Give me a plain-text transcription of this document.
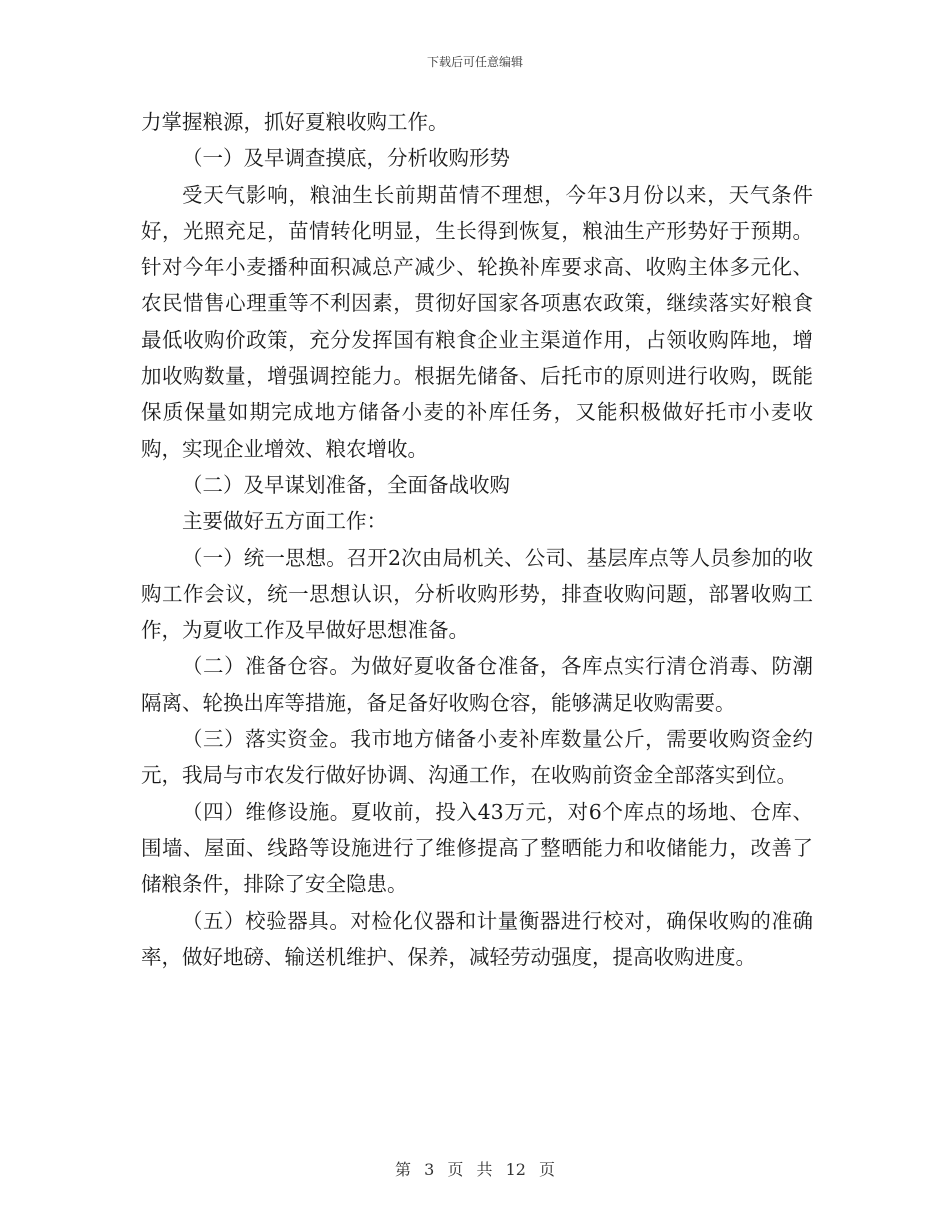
下载后可任意编辑

力掌握粮源，抓好夏粮收购工作。

（一）及早调查摸底，分析收购形势

受天气影响，粮油生长前期苗情不理想，今年3月份以来，天气条件好，光照充足，苗情转化明显，生长得到恢复，粮油生产形势好于预期。针对今年小麦播种面积减总产减少、轮换补库要求高、收购主体多元化、农民惜售心理重等不利因素，贯彻好国家各项惠农政策，继续落实好粮食最低收购价政策，充分发挥国有粮食企业主渠道作用，占领收购阵地，增加收购数量，增强调控能力。根据先储备、后托市的原则进行收购，既能保质保量如期完成地方储备小麦的补库任务，又能积极做好托市小麦收购，实现企业增效、粮农增收。

（二）及早谋划准备，全面备战收购

主要做好五方面工作：

（一）统一思想。召开2次由局机关、公司、基层库点等人员参加的收购工作会议，统一思想认识，分析收购形势，排查收购问题，部署收购工作，为夏收工作及早做好思想准备。

（二）准备仓容。为做好夏收备仓准备，各库点实行清仓消毒、防潮隔离、轮换出库等措施，备足备好收购仓容，能够满足收购需要。

（三）落实资金。我市地方储备小麦补库数量公斤，需要收购资金约元，我局与市农发行做好协调、沟通工作，在收购前资金全部落实到位。

（四）维修设施。夏收前，投入43万元，对6个库点的场地、仓库、围墙、屋面、线路等设施进行了维修提高了整晒能力和收储能力，改善了储粮条件，排除了安全隐患。

（五）校验器具。对检化仪器和计量衡器进行校对，确保收购的准确率，做好地磅、输送机维护、保养，减轻劳动强度，提高收购进度。

第 3 页 共 12 页
